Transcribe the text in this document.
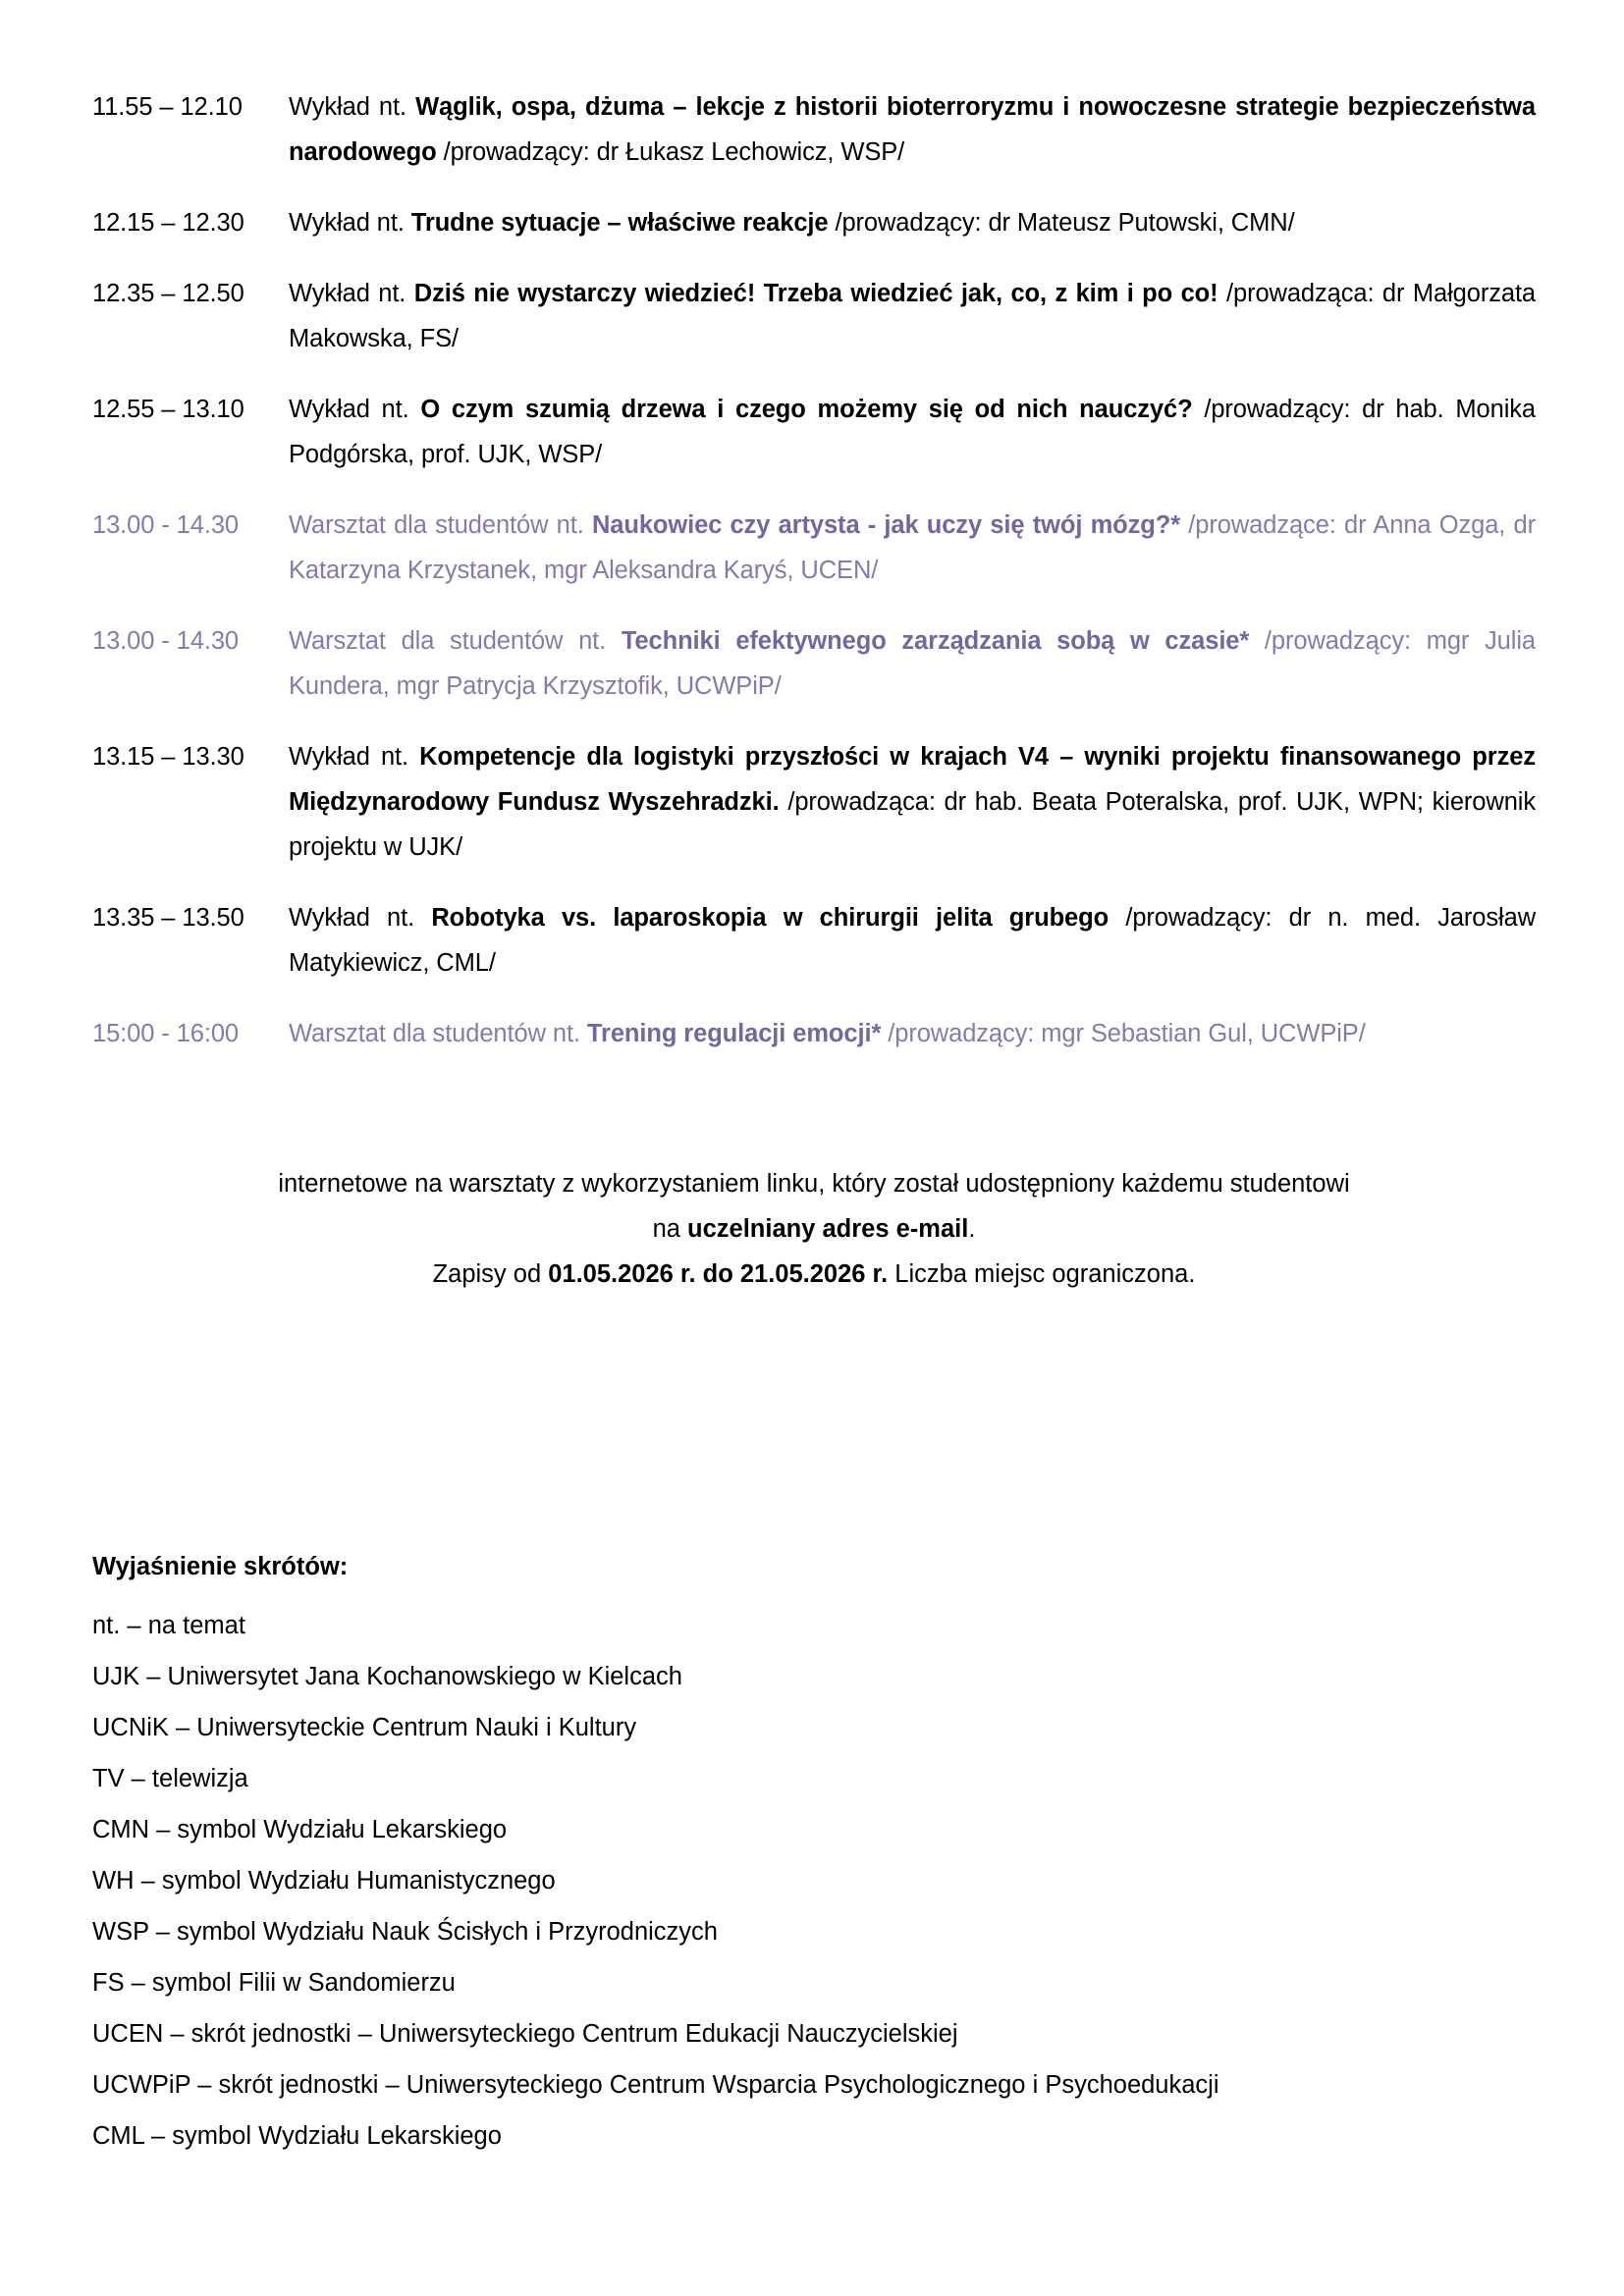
11.55 – 12.10	Wykład nt. Wąglik, ospa, dżuma – lekcje z historii bioterroryzmu i nowoczesne strategie bezpieczeństwa narodowego /prowadzący: dr Łukasz Lechowicz, WSP/

12.15 – 12.30	Wykład nt. Trudne sytuacje – właściwe reakcje /prowadzący: dr Mateusz Putowski, CMN/

12.35 – 12.50	Wykład nt. Dziś nie wystarczy wiedzieć! Trzeba wiedzieć jak, co, z kim i po co! /prowadząca: dr Małgorzata Makowska, FS/

12.55 – 13.10	Wykład nt. O czym szumią drzewa i czego możemy się od nich nauczyć? /prowadzący: dr hab. Monika Podgórska, prof. UJK, WSP/

13.00 - 14.30	Warsztat dla studentów nt. Naukowiec czy artysta - jak uczy się twój mózg?* /prowadzące: dr Anna Ozga, dr Katarzyna Krzystanek, mgr Aleksandra Karyś, UCEN/

13.00 - 14.30	Warsztat dla studentów nt. Techniki efektywnego zarządzania sobą w czasie* /prowadzący: mgr Julia Kundera, mgr Patrycja Krzysztofik, UCWPiP/

13.15 – 13.30	Wykład nt. Kompetencje dla logistyki przyszłości w krajach V4 – wyniki projektu finansowanego przez Międzynarodowy Fundusz Wyszehradzki. /prowadząca: dr hab. Beata Poteralska, prof. UJK, WPN; kierownik projektu w UJK/

13.35 – 13.50	Wykład nt. Robotyka vs. laparoskopia w chirurgii jelita grubego /prowadzący: dr n. med. Jarosław Matykiewicz, CML/

15:00 - 16:00	Warsztat dla studentów nt. Trening regulacji emocji* /prowadzący: mgr Sebastian Gul, UCWPiP/

internetowe na warsztaty z wykorzystaniem linku, który został udostępniony każdemu studentowi
na uczelniany adres e-mail.
Zapisy od 01.05.2026 r. do 21.05.2026 r. Liczba miejsc ograniczona.
Wyjaśnienie skrótów:
nt. – na temat
UJK – Uniwersytet Jana Kochanowskiego w Kielcach
UCNiK – Uniwersyteckie Centrum Nauki i Kultury
TV – telewizja
CMN – symbol Wydziału Lekarskiego
WH – symbol Wydziału Humanistycznego
WSP – symbol Wydziału Nauk Ścisłych i Przyrodniczych
FS – symbol Filii w Sandomierzu
UCEN – skrót jednostki – Uniwersyteckiego Centrum Edukacji Nauczycielskiej
UCWPiP – skrót jednostki – Uniwersyteckiego Centrum Wsparcia Psychologicznego i Psychoedukacji
CML – symbol Wydziału Lekarskiego
